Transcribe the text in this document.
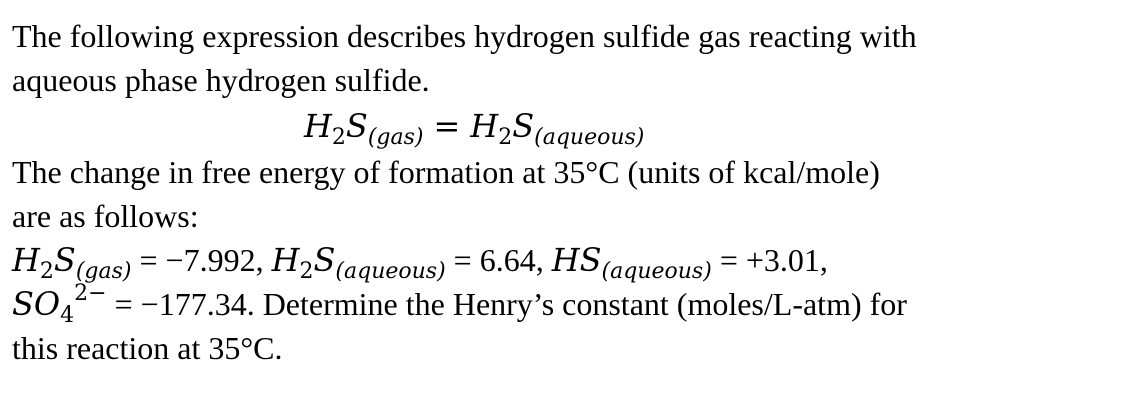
The following expression describes hydrogen sulfide gas reacting with
aqueous phase hydrogen sulfide.
$H_2S_{(gas)} = H_2S_{(aqueous)}$
The change in free energy of formation at 35°C (units of kcal/mole)
are as follows:
$H_2S_{(gas)} = -7.992$, $H_2S_{(aqueous)} = 6.64$, $HS_{(aqueous)} = +3.01$,
$SO_4^{2-} = -177.34$. Determine the Henry’s constant (moles/L-atm) for
this reaction at 35°C.
